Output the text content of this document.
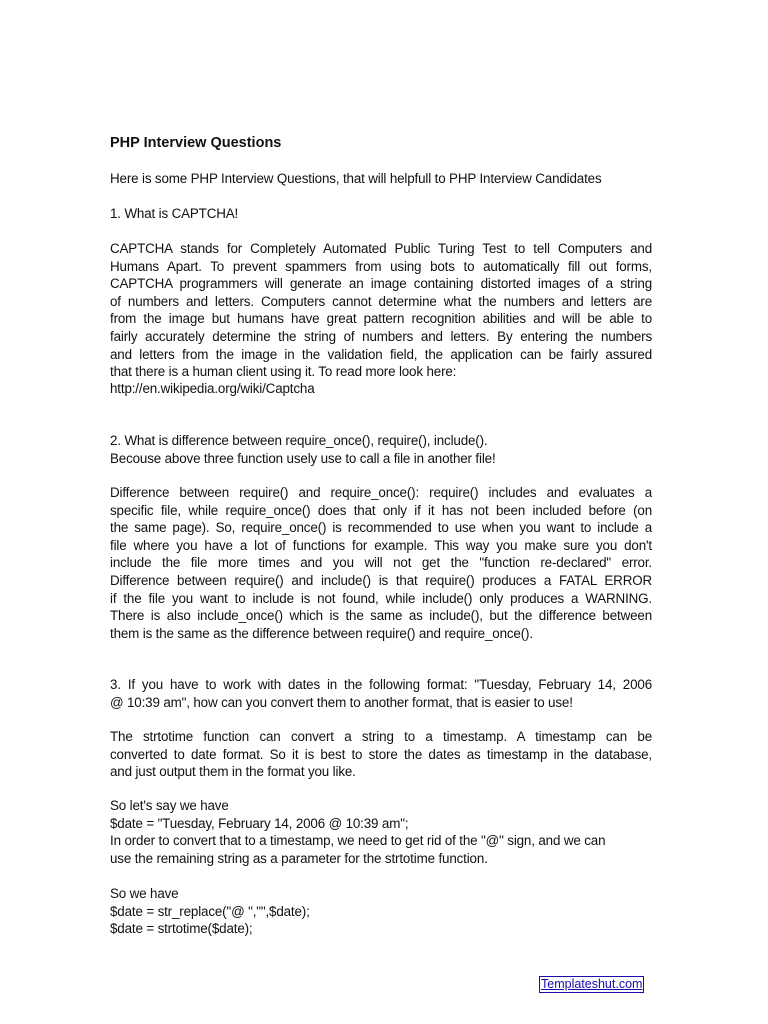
PHP Interview Questions
Here is some PHP Interview Questions, that will helpfull to PHP Interview Candidates
1. What is CAPTCHA!
CAPTCHA stands for Completely Automated Public Turing Test to tell Computers and
Humans Apart. To prevent spammers from using bots to automatically fill out forms,
CAPTCHA programmers will generate an image containing distorted images of a string
of numbers and letters. Computers cannot determine what the numbers and letters are
from the image but humans have great pattern recognition abilities and will be able to
fairly accurately determine the string of numbers and letters. By entering the numbers
and letters from the image in the validation field, the application can be fairly assured
that there is a human client using it. To read more look here:
http://en.wikipedia.org/wiki/Captcha
2. What is difference between require_once(), require(), include().
Becouse above three function usely use to call a file in another file!
Difference between require() and require_once(): require() includes and evaluates a
specific file, while require_once() does that only if it has not been included before (on
the same page). So, require_once() is recommended to use when you want to include a
file where you have a lot of functions for example. This way you make sure you don't
include the file more times and you will not get the "function re-declared" error.
Difference between require() and include() is that require() produces a FATAL ERROR
if the file you want to include is not found, while include() only produces a WARNING.
There is also include_once() which is the same as include(), but the difference between
them is the same as the difference between require() and require_once().
3. If you have to work with dates in the following format: "Tuesday, February 14, 2006
@ 10:39 am", how can you convert them to another format, that is easier to use!
The strtotime function can convert a string to a timestamp. A timestamp can be
converted to date format. So it is best to store the dates as timestamp in the database,
and just output them in the format you like.
So let's say we have
$date = "Tuesday, February 14, 2006 @ 10:39 am";
In order to convert that to a timestamp, we need to get rid of the "@" sign, and we can
use the remaining string as a parameter for the strtotime function.
So we have
$date = str_replace("@ ","",$date);
$date = strtotime($date);
Templateshut.com
